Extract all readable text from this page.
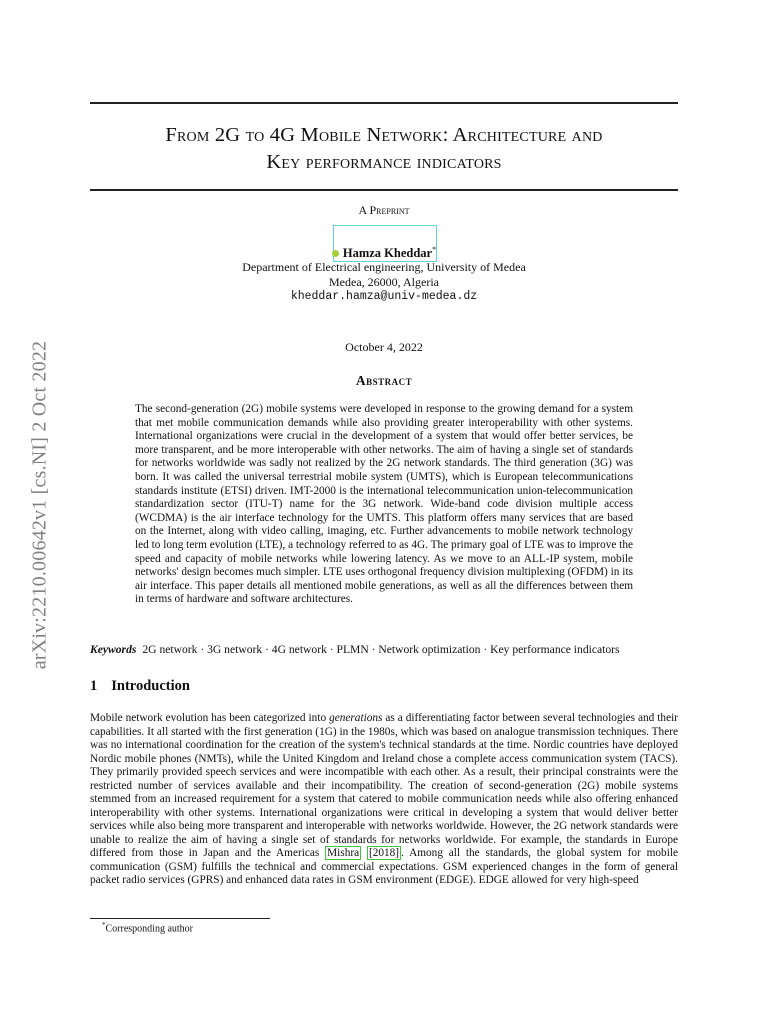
arXiv:2210.00642v1 [cs.NI] 2 Oct 2022
From 2G to 4G Mobile Network: Architecture and
Key performance indicators
A Preprint
Hamza Kheddar*
Department of Electrical engineering, University of Medea
Medea, 26000, Algeria
kheddar.hamza@univ-medea.dz
October 4, 2022
Abstract
The second-generation (2G) mobile systems were developed in response to the growing demand for a system that met mobile communication demands while also providing greater interoperability with other systems. International organizations were crucial in the development of a system that would offer better services, be more transparent, and be more interoperable with other networks. The aim of having a single set of standards for networks worldwide was sadly not realized by the 2G network standards. The third generation (3G) was born. It was called the universal terrestrial mobile system (UMTS), which is European telecommunications standards institute (ETSI) driven. IMT-2000 is the international telecommunication union-telecommunication standardization sector (ITU-T) name for the 3G network. Wide-band code division multiple access (WCDMA) is the air interface technology for the UMTS. This platform offers many services that are based on the Internet, along with video calling, imaging, etc. Further advancements to mobile network technology led to long term evolution (LTE), a technology referred to as 4G. The primary goal of LTE was to improve the speed and capacity of mobile networks while lowering latency. As we move to an ALL-IP system, mobile networks' design becomes much simpler. LTE uses orthogonal frequency division multiplexing (OFDM) in its air interface. This paper details all mentioned mobile generations, as well as all the differences between them in terms of hardware and software architectures.
Keywords 2G network · 3G network · 4G network · PLMN · Network optimization · Key performance indicators
1 Introduction
Mobile network evolution has been categorized into generations as a differentiating factor between several technologies and their capabilities. It all started with the first generation (1G) in the 1980s, which was based on analogue transmission techniques. There was no international coordination for the creation of the system's technical standards at the time. Nordic countries have deployed Nordic mobile phones (NMTs), while the United Kingdom and Ireland chose a complete access communication system (TACS). They primarily provided speech services and were incompatible with each other. As a result, their principal constraints were the restricted number of services available and their incompatibility. The creation of second-generation (2G) mobile systems stemmed from an increased requirement for a system that catered to mobile communication needs while also offering enhanced interoperability with other systems. International organizations were critical in developing a system that would deliver better services while also being more transparent and interoperable with networks worldwide. However, the 2G network standards were unable to realize the aim of having a single set of standards for networks worldwide. For example, the standards in Europe differed from those in Japan and the Americas Mishra [2018] . Among all the standards, the global system for mobile communication (GSM) fulfills the technical and commercial expectations. GSM experienced changes in the form of general packet radio services (GPRS) and enhanced data rates in GSM environment (EDGE). EDGE allowed for very high-speed
*Corresponding author
